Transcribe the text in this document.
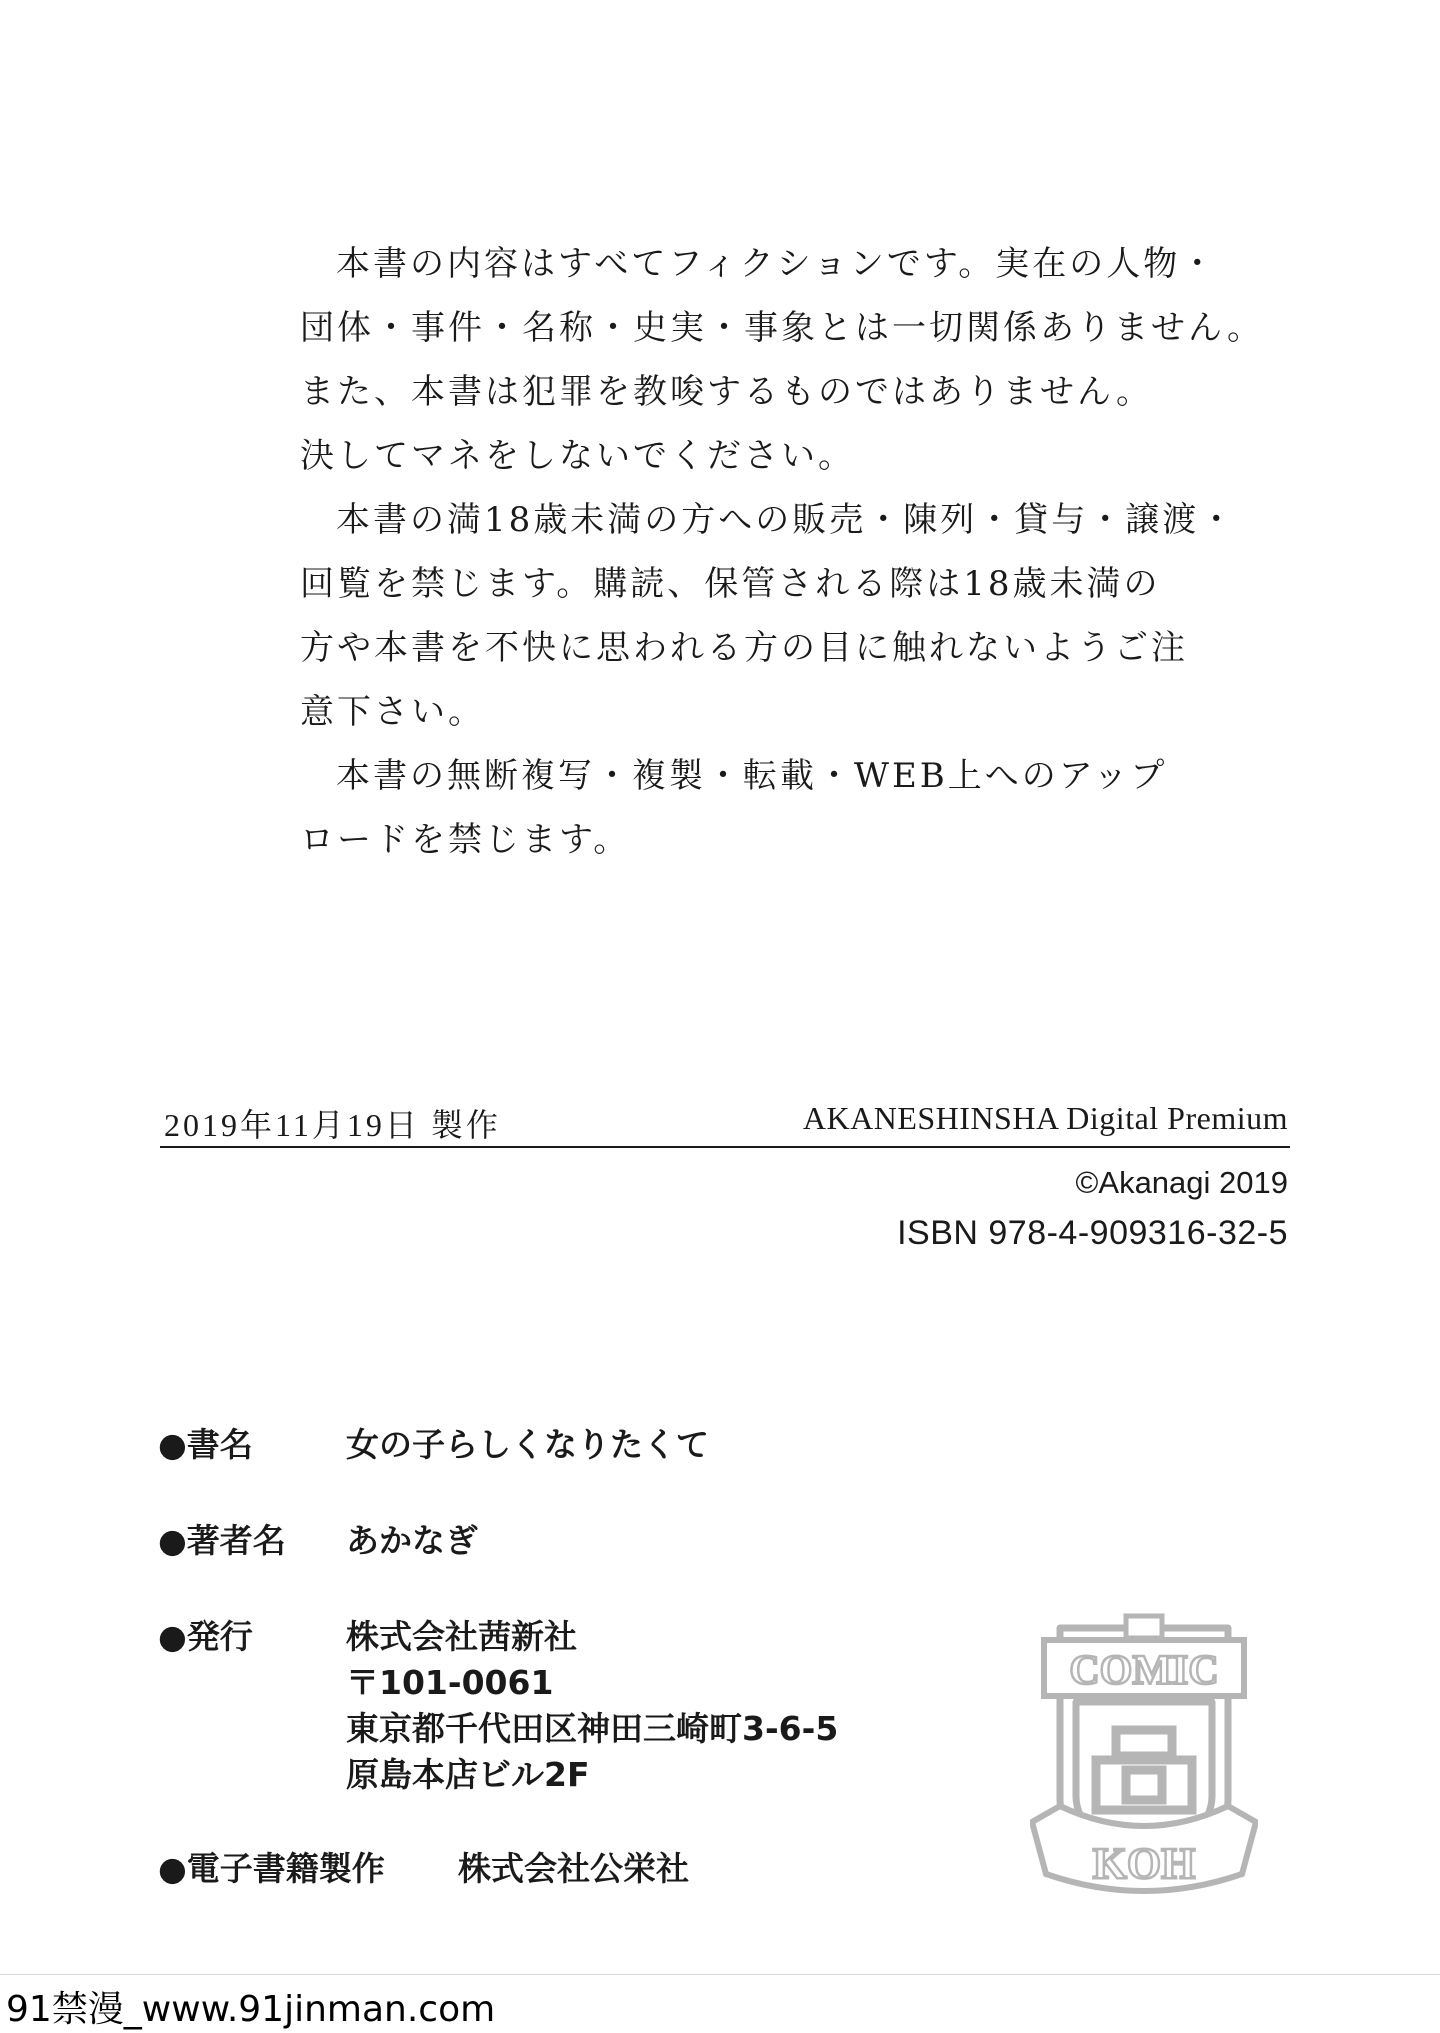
本書の内容はすべてフィクションです。実在の人物・
団体・事件・名称・史実・事象とは一切関係ありません。
また、本書は犯罪を教唆するものではありません。
決してマネをしないでください。
本書の満18歳未満の方への販売・陳列・貸与・譲渡・
回覧を禁じます。購読、保管される際は18歳未満の
方や本書を不快に思われる方の目に触れないようご注
意下さい。
本書の無断複写・複製・転載・WEB上へのアップ
ロードを禁じます。
2019年11月19日 製作	AKANESHINSHA Digital Premium
©Akanagi 2019
ISBN 978-4-909316-32-5
●書名	女の子らしくなりたくて
●著者名 あかなぎ
●発行	株式会社茜新社
〒101-0061
東京都千代田区神田三崎町3-6-5
原島本店ビル2F
●電子書籍製作 株式会社公栄社
COMIC
KOH
91禁漫_www.91jinman.com
